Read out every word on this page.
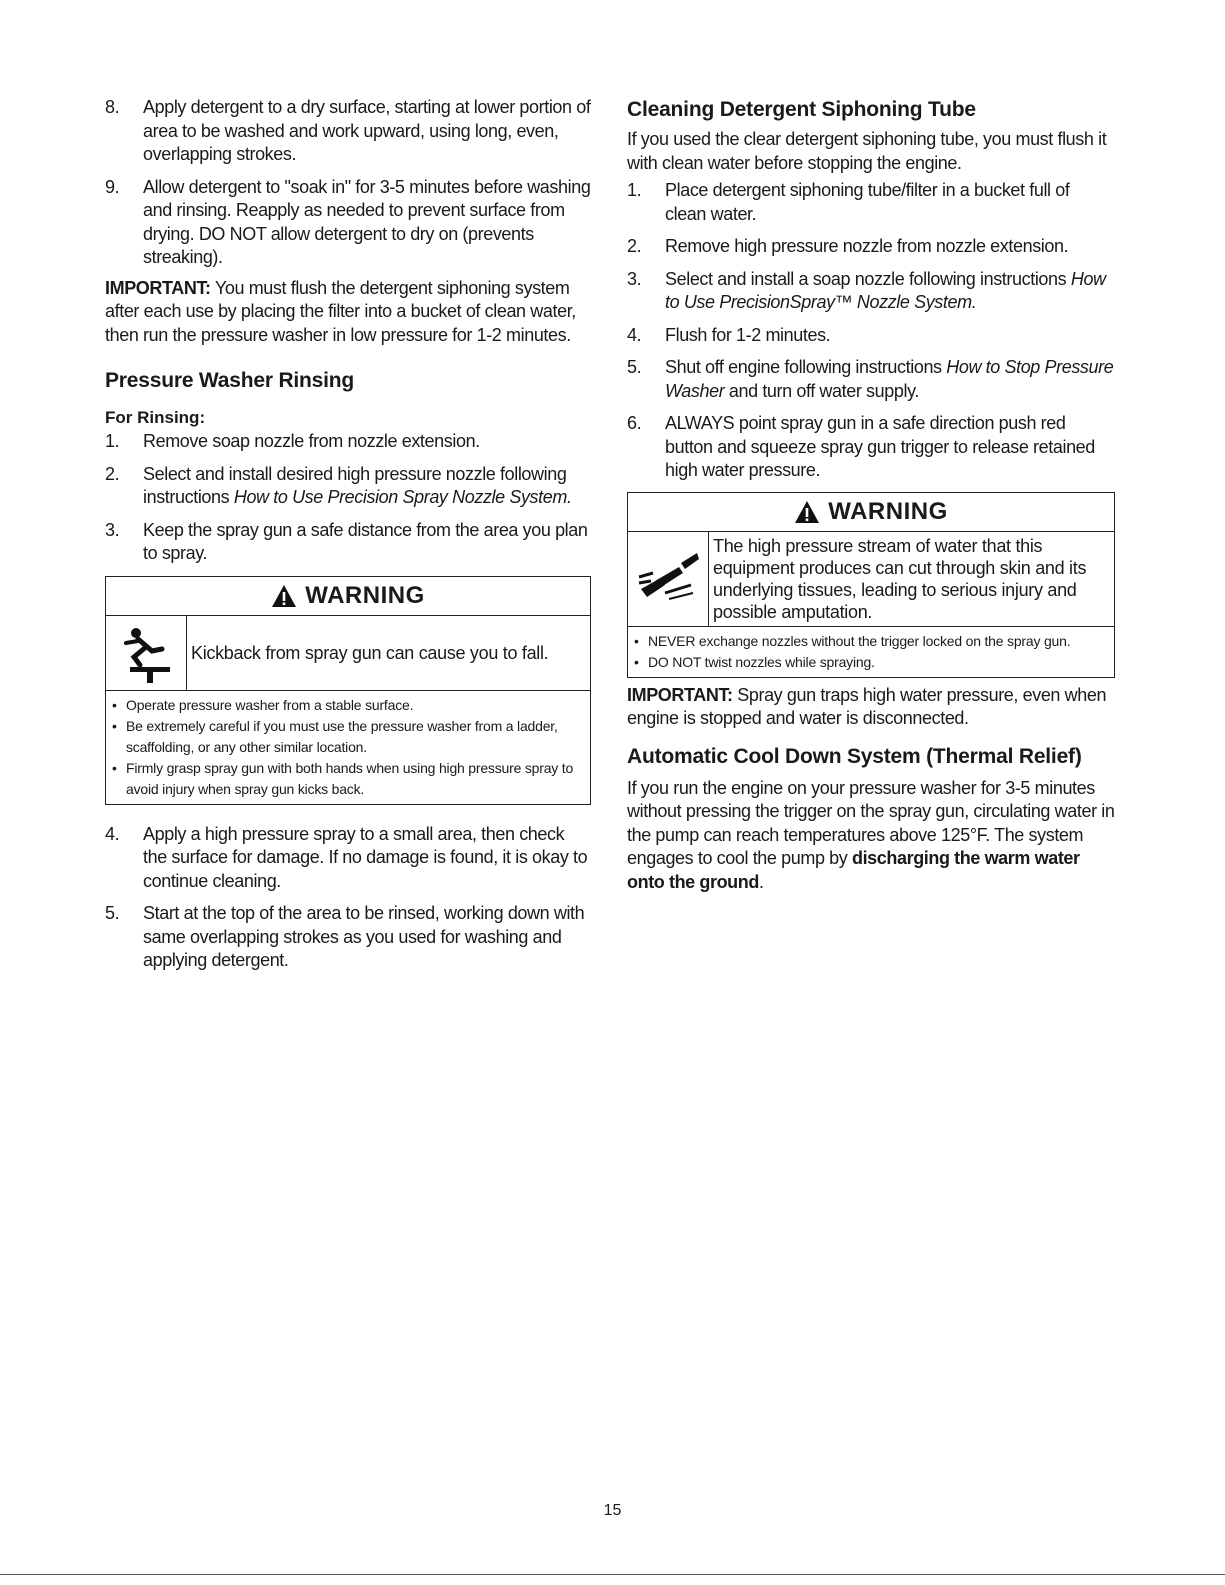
8. Apply detergent to a dry surface, starting at lower portion of area to be washed and work upward, using long, even, overlapping strokes.
9. Allow detergent to "soak in" for 3-5 minutes before washing and rinsing. Reapply as needed to prevent surface from drying. DO NOT allow detergent to dry on (prevents streaking).

IMPORTANT: You must flush the detergent siphoning system after each use by placing the filter into a bucket of clean water, then run the pressure washer in low pressure for 1-2 minutes.

Pressure Washer Rinsing
For Rinsing:
1. Remove soap nozzle from nozzle extension.
2. Select and install desired high pressure nozzle following instructions How to Use Precision Spray Nozzle System.
3. Keep the spray gun a safe distance from the area you plan to spray.
WARNING
Kickback from spray gun can cause you to fall.
• Operate pressure washer from a stable surface.
• Be extremely careful if you must use the pressure washer from a ladder, scaffolding, or any other similar location.
• Firmly grasp spray gun with both hands when using high pressure spray to avoid injury when spray gun kicks back.
4. Apply a high pressure spray to a small area, then check the surface for damage. If no damage is found, it is okay to continue cleaning.
5. Start at the top of the area to be rinsed, working down with same overlapping strokes as you used for washing and applying detergent.
Cleaning Detergent Siphoning Tube

If you used the clear detergent siphoning tube, you must flush it with clean water before stopping the engine.

1. Place detergent siphoning tube/filter in a bucket full of clean water.
2. Remove high pressure nozzle from nozzle extension.
3. Select and install a soap nozzle following instructions How to Use PrecisionSpray™ Nozzle System.
4. Flush for 1-2 minutes.
5. Shut off engine following instructions How to Stop Pressure Washer and turn off water supply.
6. ALWAYS point spray gun in a safe direction push red button and squeeze spray gun trigger to release retained high water pressure.
WARNING
The high pressure stream of water that this equipment produces can cut through skin and its underlying tissues, leading to serious injury and possible amputation.
• NEVER exchange nozzles without the trigger locked on the spray gun.
• DO NOT twist nozzles while spraying.

IMPORTANT: Spray gun traps high water pressure, even when engine is stopped and water is disconnected.

Automatic Cool Down System (Thermal Relief)

If you run the engine on your pressure washer for 3-5 minutes without pressing the trigger on the spray gun, circulating water in the pump can reach temperatures above 125°F. The system engages to cool the pump by discharging the warm water onto the ground.

15
